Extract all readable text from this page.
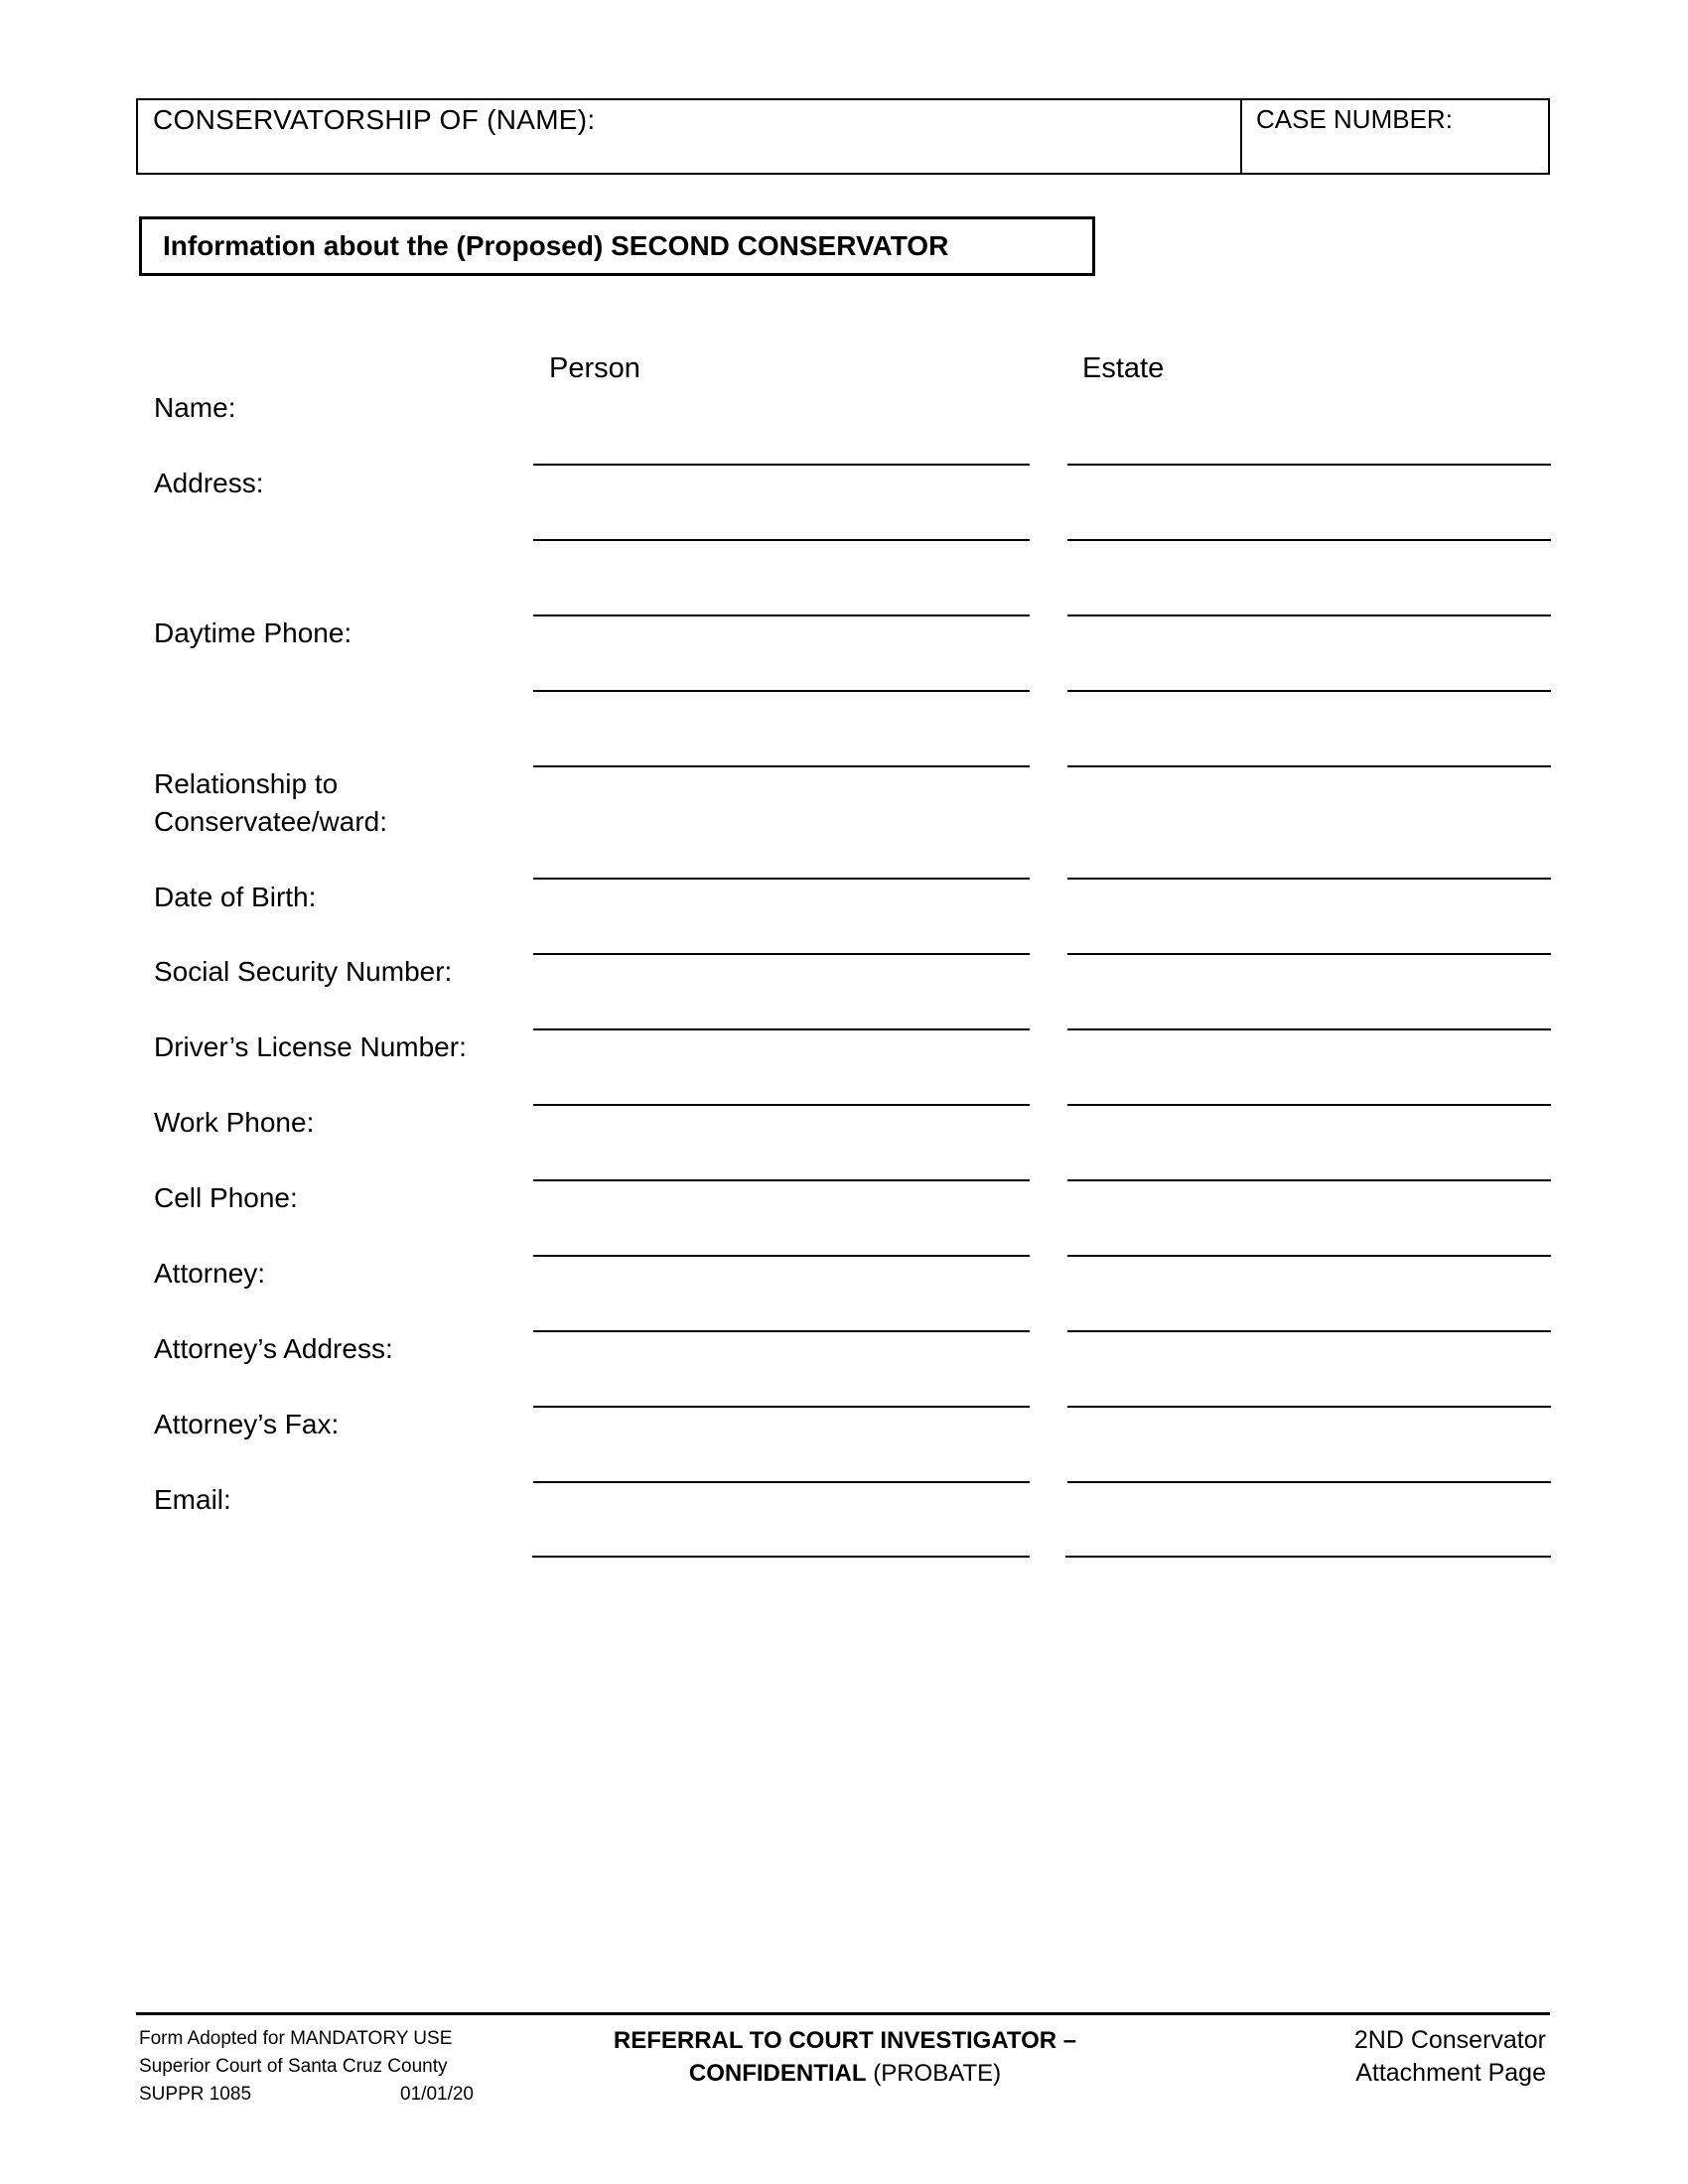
CONSERVATORSHIP OF (NAME):	CASE NUMBER:
Information about the (Proposed) SECOND CONSERVATOR
Person	Estate
Name:
Address:
Daytime Phone:
Relationship to
Conservatee/ward:
Date of Birth:
Social Security Number:
Driver’s License Number:
Work Phone:
Cell Phone:
Attorney:
Attorney’s Address:
Attorney’s Fax:
Email:
Form Adopted for MANDATORY USE
Superior Court of Santa Cruz County
SUPPR 1085	01/01/20
REFERRAL TO COURT INVESTIGATOR –
CONFIDENTIAL (PROBATE)
2ND Conservator
Attachment Page
